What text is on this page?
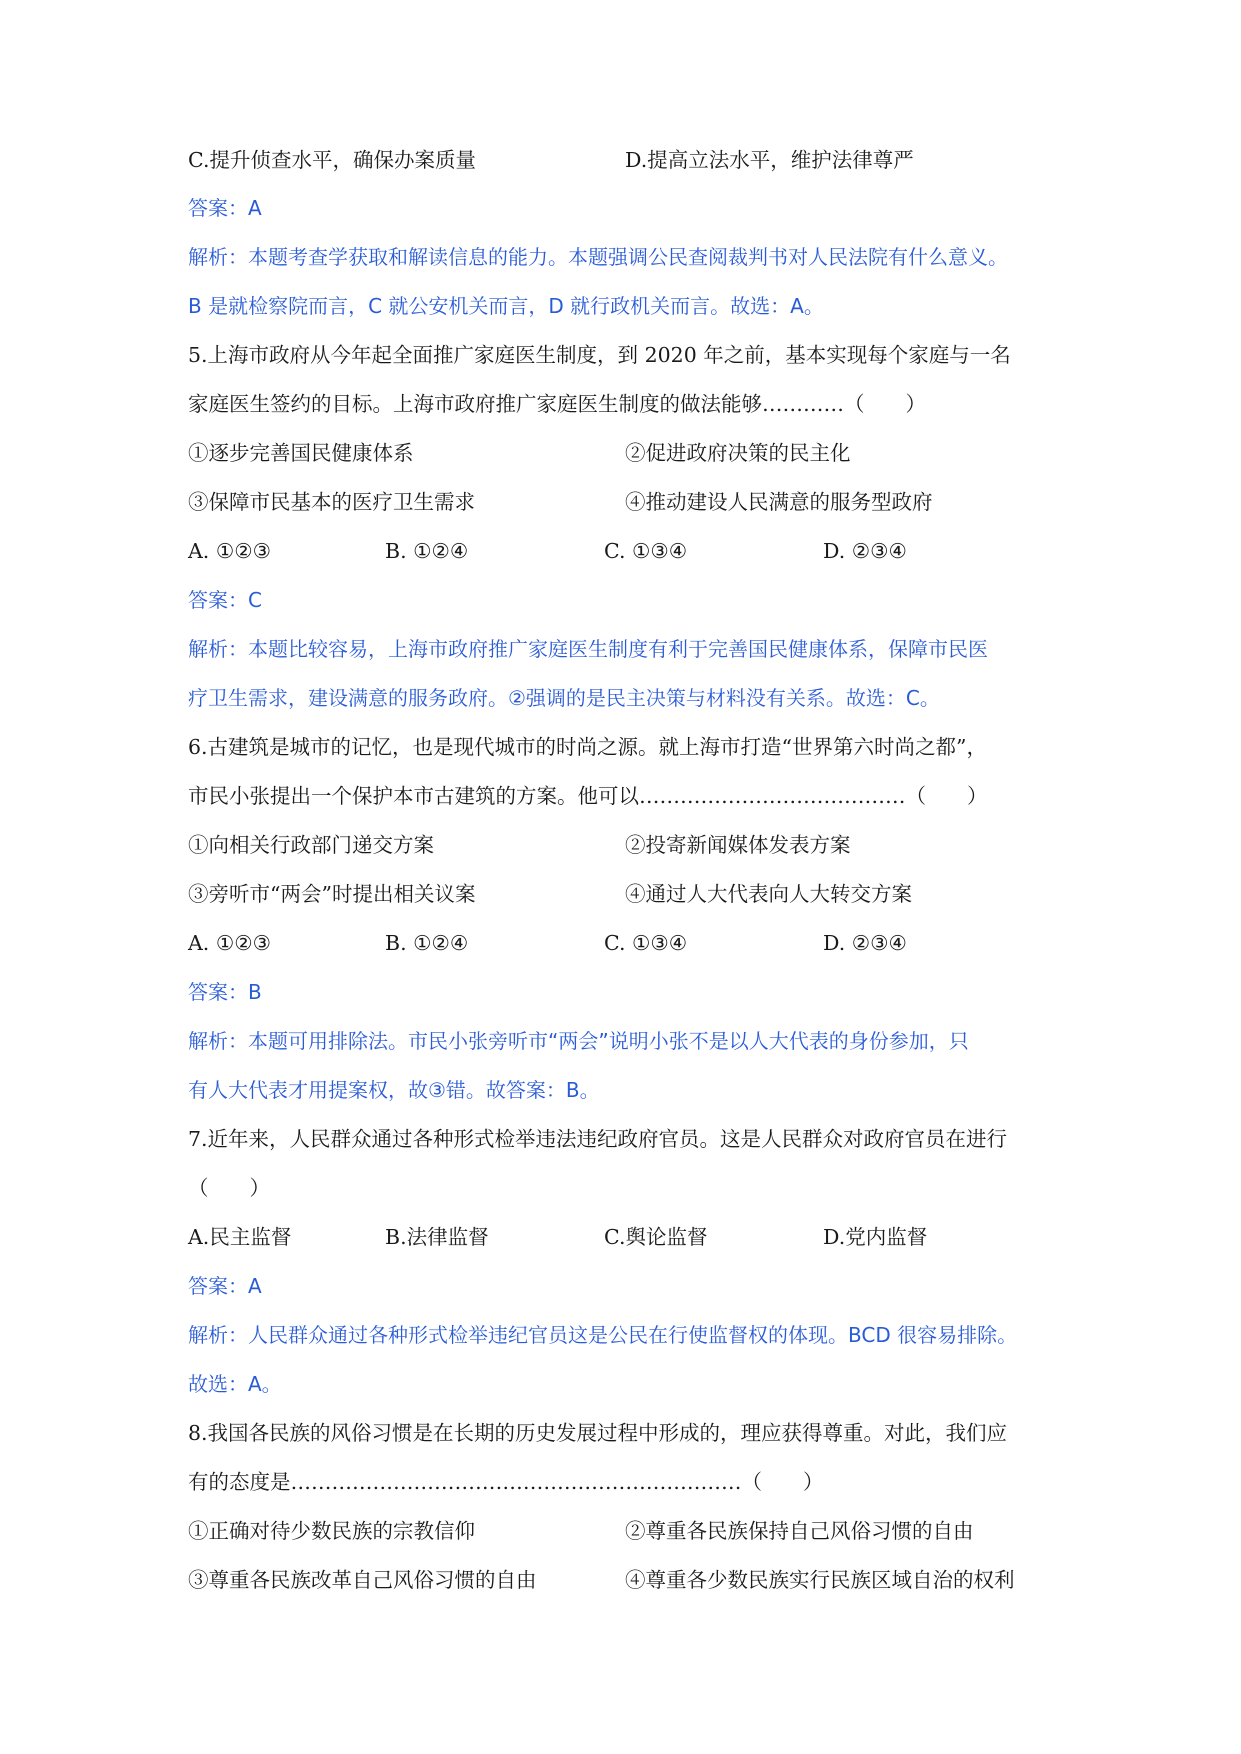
C.提升侦查水平，确保办案质量	D.提高立法水平，维护法律尊严
答案：A
解析：本题考查学获取和解读信息的能力。本题强调公民查阅裁判书对人民法院有什么意义。
B 是就检察院而言，C 就公安机关而言，D 就行政机关而言。故选：A。
5.上海市政府从今年起全面推广家庭医生制度，到 2020 年之前，基本实现每个家庭与一名
家庭医生签约的目标。上海市政府推广家庭医生制度的做法能够…………（　　）
①逐步完善国民健康体系	②促进政府决策的民主化
③保障市民基本的医疗卫生需求	④推动建设人民满意的服务型政府
A. ①②③	B. ①②④	C. ①③④	D. ②③④
答案：C
解析：本题比较容易，上海市政府推广家庭医生制度有利于完善国民健康体系，保障市民医
疗卫生需求，建设满意的服务政府。②强调的是民主决策与材料没有关系。故选：C。
6.古建筑是城市的记忆，也是现代城市的时尚之源。就上海市打造“世界第六时尚之都”，
市民小张提出一个保护本市古建筑的方案。他可以…………………………………（　　）
①向相关行政部门递交方案	②投寄新闻媒体发表方案
③旁听市“两会”时提出相关议案	④通过人大代表向人大转交方案
A. ①②③	B. ①②④	C. ①③④	D. ②③④
答案：B
解析：本题可用排除法。市民小张旁听市“两会”说明小张不是以人大代表的身份参加，只
有人大代表才用提案权，故③错。故答案：B。
7.近年来，人民群众通过各种形式检举违法违纪政府官员。这是人民群众对政府官员在进行
（　　）
A.民主监督	B.法律监督	C.舆论监督	D.党内监督
答案：A
解析：人民群众通过各种形式检举违纪官员这是公民在行使监督权的体现。BCD 很容易排除。
故选：A。
8.我国各民族的风俗习惯是在长期的历史发展过程中形成的，理应获得尊重。对此，我们应
有的态度是…………………………………………………………（　　）
①正确对待少数民族的宗教信仰	②尊重各民族保持自己风俗习惯的自由
③尊重各民族改革自己风俗习惯的自由	④尊重各少数民族实行民族区域自治的权利
